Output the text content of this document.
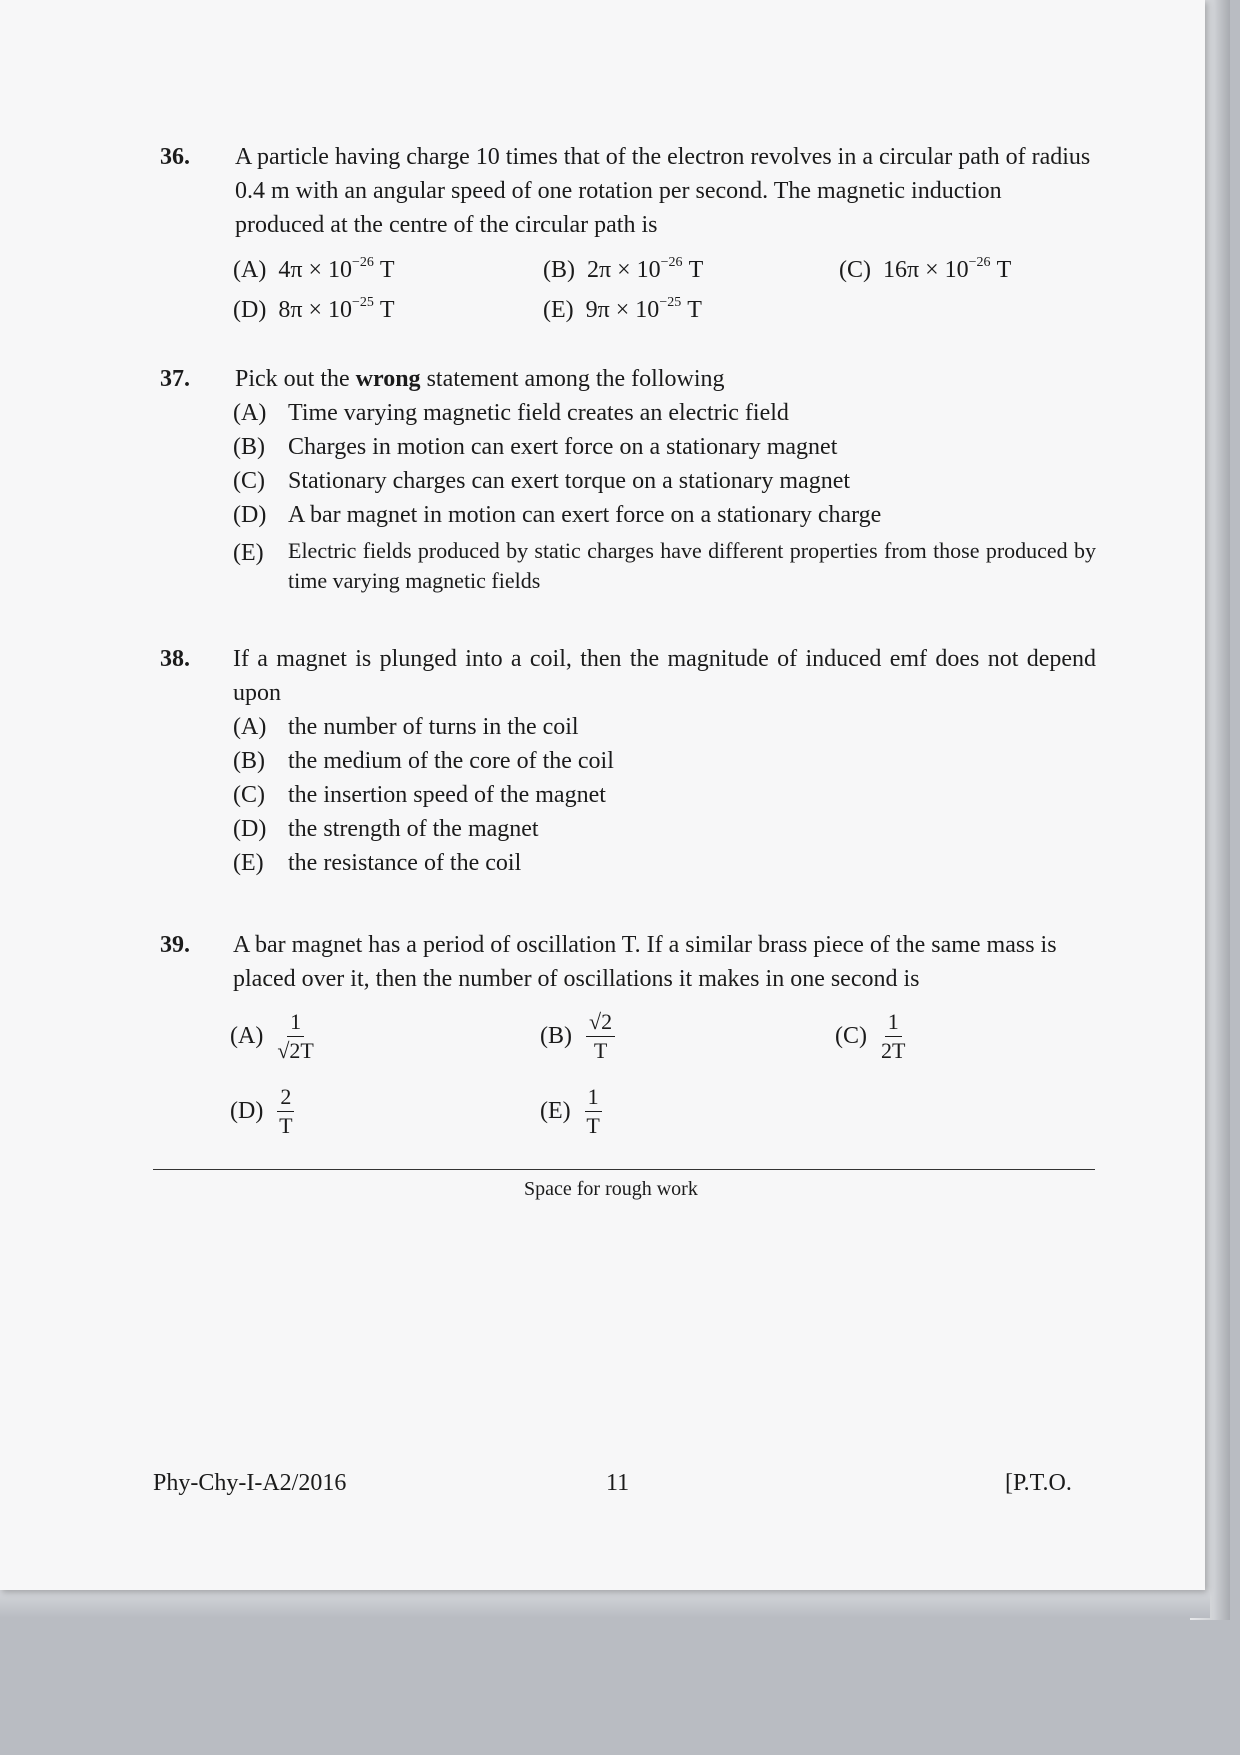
36. A particle having charge 10 times that of the electron revolves in a circular path of radius 0.4 m with an angular speed of one rotation per second. The magnetic induction produced at the centre of the circular path is
(A) $4\pi \times 10^{-26}$ T	(B) $2\pi \times 10^{-26}$ T	(C) $16\pi \times 10^{-26}$ T
(D) $8\pi \times 10^{-25}$ T	(E) $9\pi \times 10^{-25}$ T
37. Pick out the wrong statement among the following
(A) Time varying magnetic field creates an electric field
(B) Charges in motion can exert force on a stationary magnet
(C) Stationary charges can exert torque on a stationary magnet
(D) A bar magnet in motion can exert force on a stationary charge
(E)	Electric fields produced by static charges have different properties from those produced by time varying magnetic fields
38. If a magnet is plunged into a coil, then the magnitude of induced emf does not depend upon
(A) the number of turns in the coil
(B) the medium of the core of the coil
(C) the insertion speed of the magnet
(D) the strength of the magnet
(E)	the resistance of the coil
39. A bar magnet has a period of oscillation T. If a similar brass piece of the same mass is placed over it, then the number of oscillations it makes in one second is
$(A) \frac{1}{√2T}$	$(B) \frac{√2}{T}$	$(C) \frac{1}{2T}$
$(D) \frac{2}{T}$	$(E) \frac{1}{T}$
Space for rough work
Phy-Chy-I-A2/2016	11	[P.T.O.
